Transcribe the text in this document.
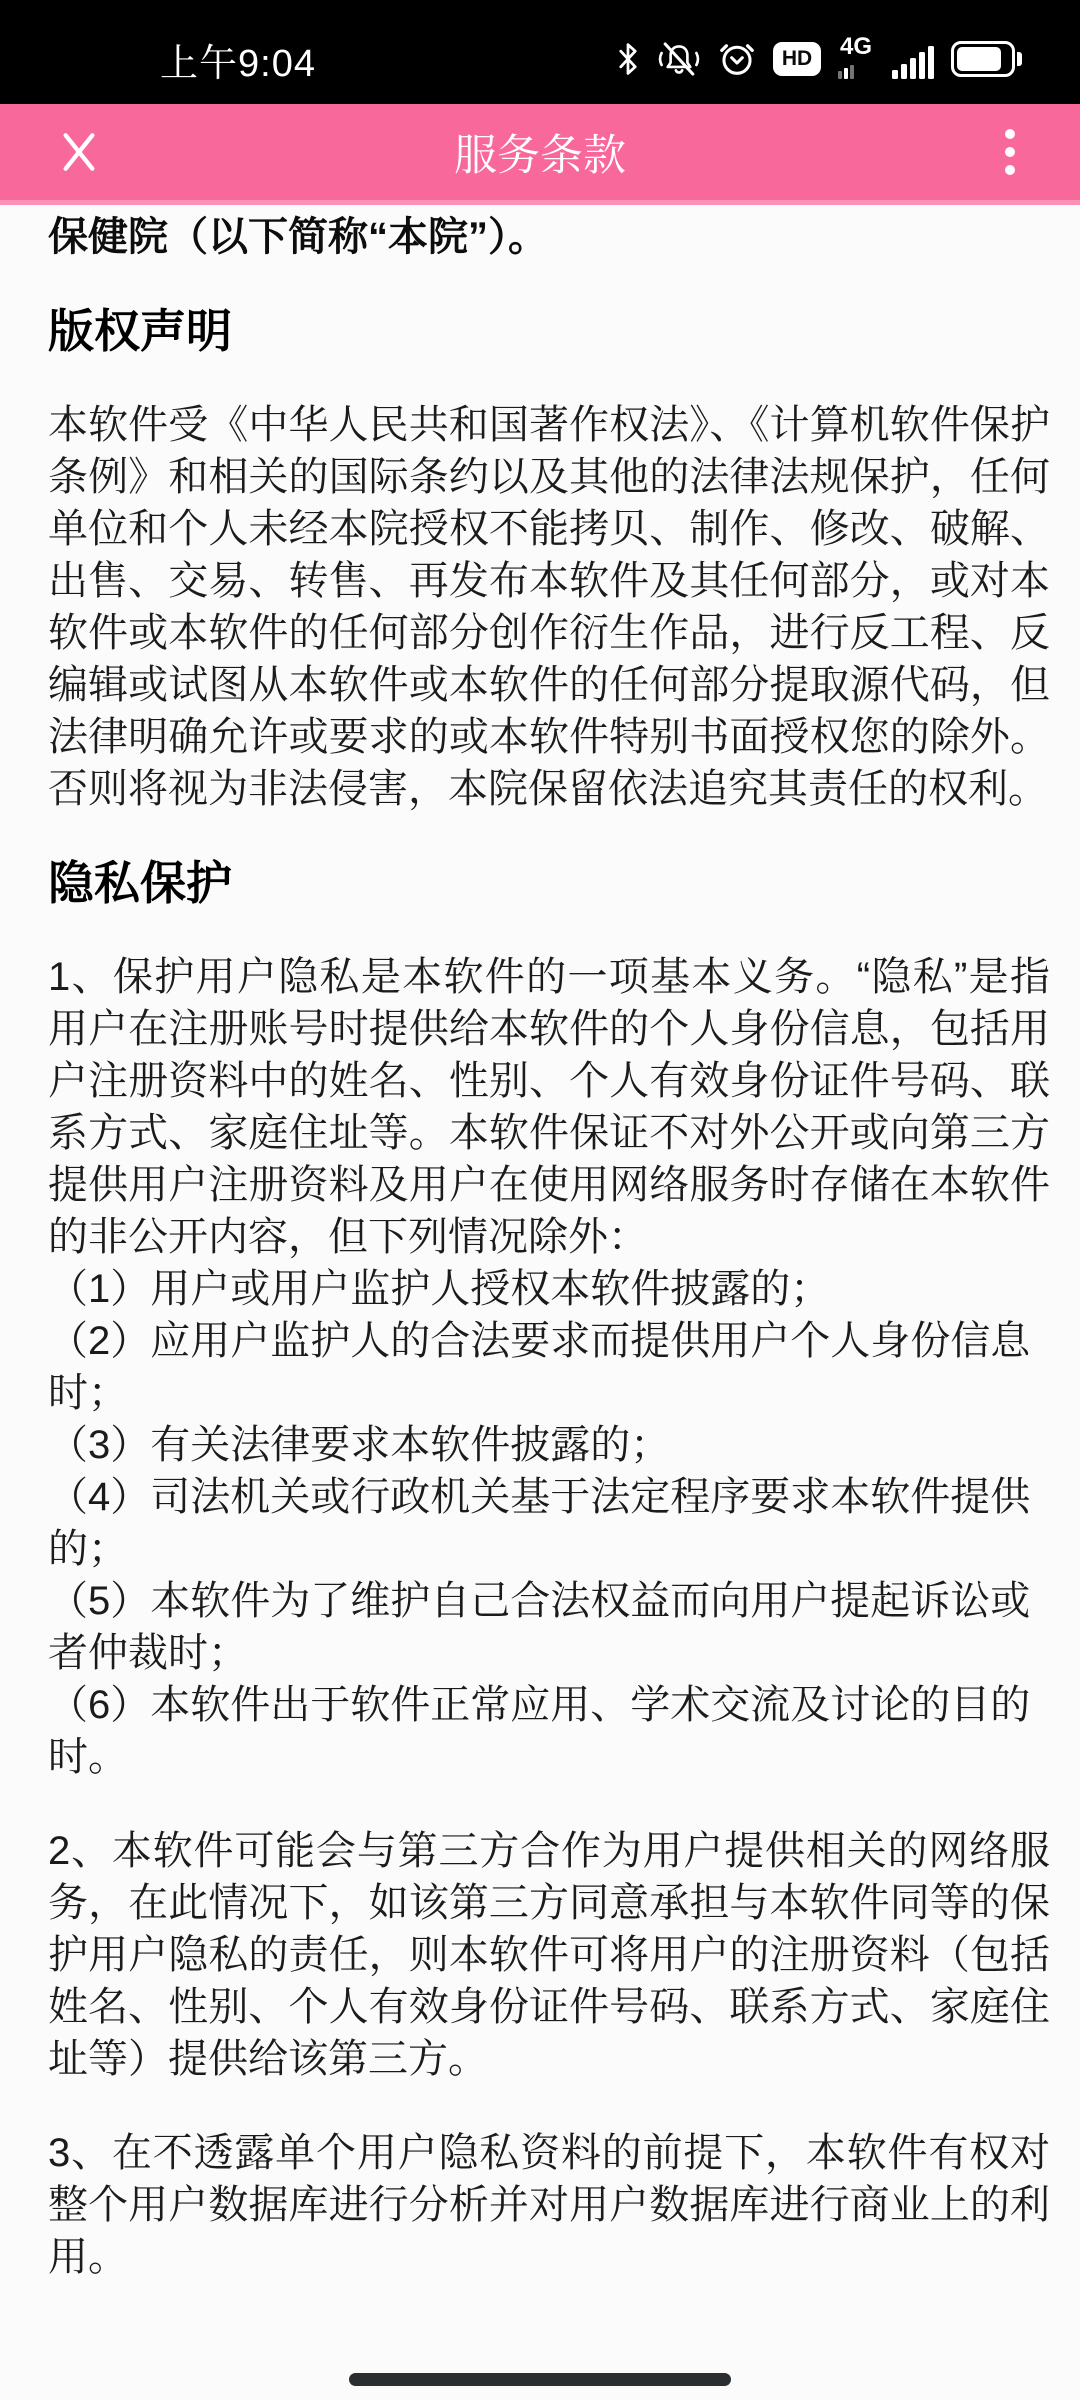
上午9:04	HD	4G
服务条款

保健院（以下简称“本院”）。

版权声明

本软件受《中华人民共和国著作权法》、《计算机软件保护条例》和相关的国际条约以及其他的法律法规保护，任何单位和个人未经本院授权不能拷贝、制作、修改、破解、出售、交易、转售、再发布本软件及其任何部分，或对本软件或本软件的任何部分创作衍生作品，进行反工程、反编辑或试图从本软件或本软件的任何部分提取源代码，但法律明确允许或要求的或本软件特别书面授权您的除外。否则将视为非法侵害，本院保留依法追究其责任的权利。

隐私保护

1、保护用户隐私是本软件的一项基本义务。“隐私”是指用户在注册账号时提供给本软件的个人身份信息，包括用户注册资料中的姓名、性别、个人有效身份证件号码、联系方式、家庭住址等。本软件保证不对外公开或向第三方提供用户注册资料及用户在使用网络服务时存储在本软件的非公开内容，但下列情况除外：

（1）用户或用户监护人授权本软件披露的；
（2）应用户监护人的合法要求而提供用户个人身份信息时；
（3）有关法律要求本软件披露的；
（4）司法机关或行政机关基于法定程序要求本软件提供的；
（5）本软件为了维护自己合法权益而向用户提起诉讼或者仲裁时；
（6）本软件出于软件正常应用、学术交流及讨论的目的时。

2、本软件可能会与第三方合作为用户提供相关的网络服务，在此情况下，如该第三方同意承担与本软件同等的保护用户隐私的责任，则本软件可将用户的注册资料（包括姓名、性别、个人有效身份证件号码、联系方式、家庭住址等）提供给该第三方。

3、在不透露单个用户隐私资料的前提下，本软件有权对整个用户数据库进行分析并对用户数据库进行商业上的利用。
